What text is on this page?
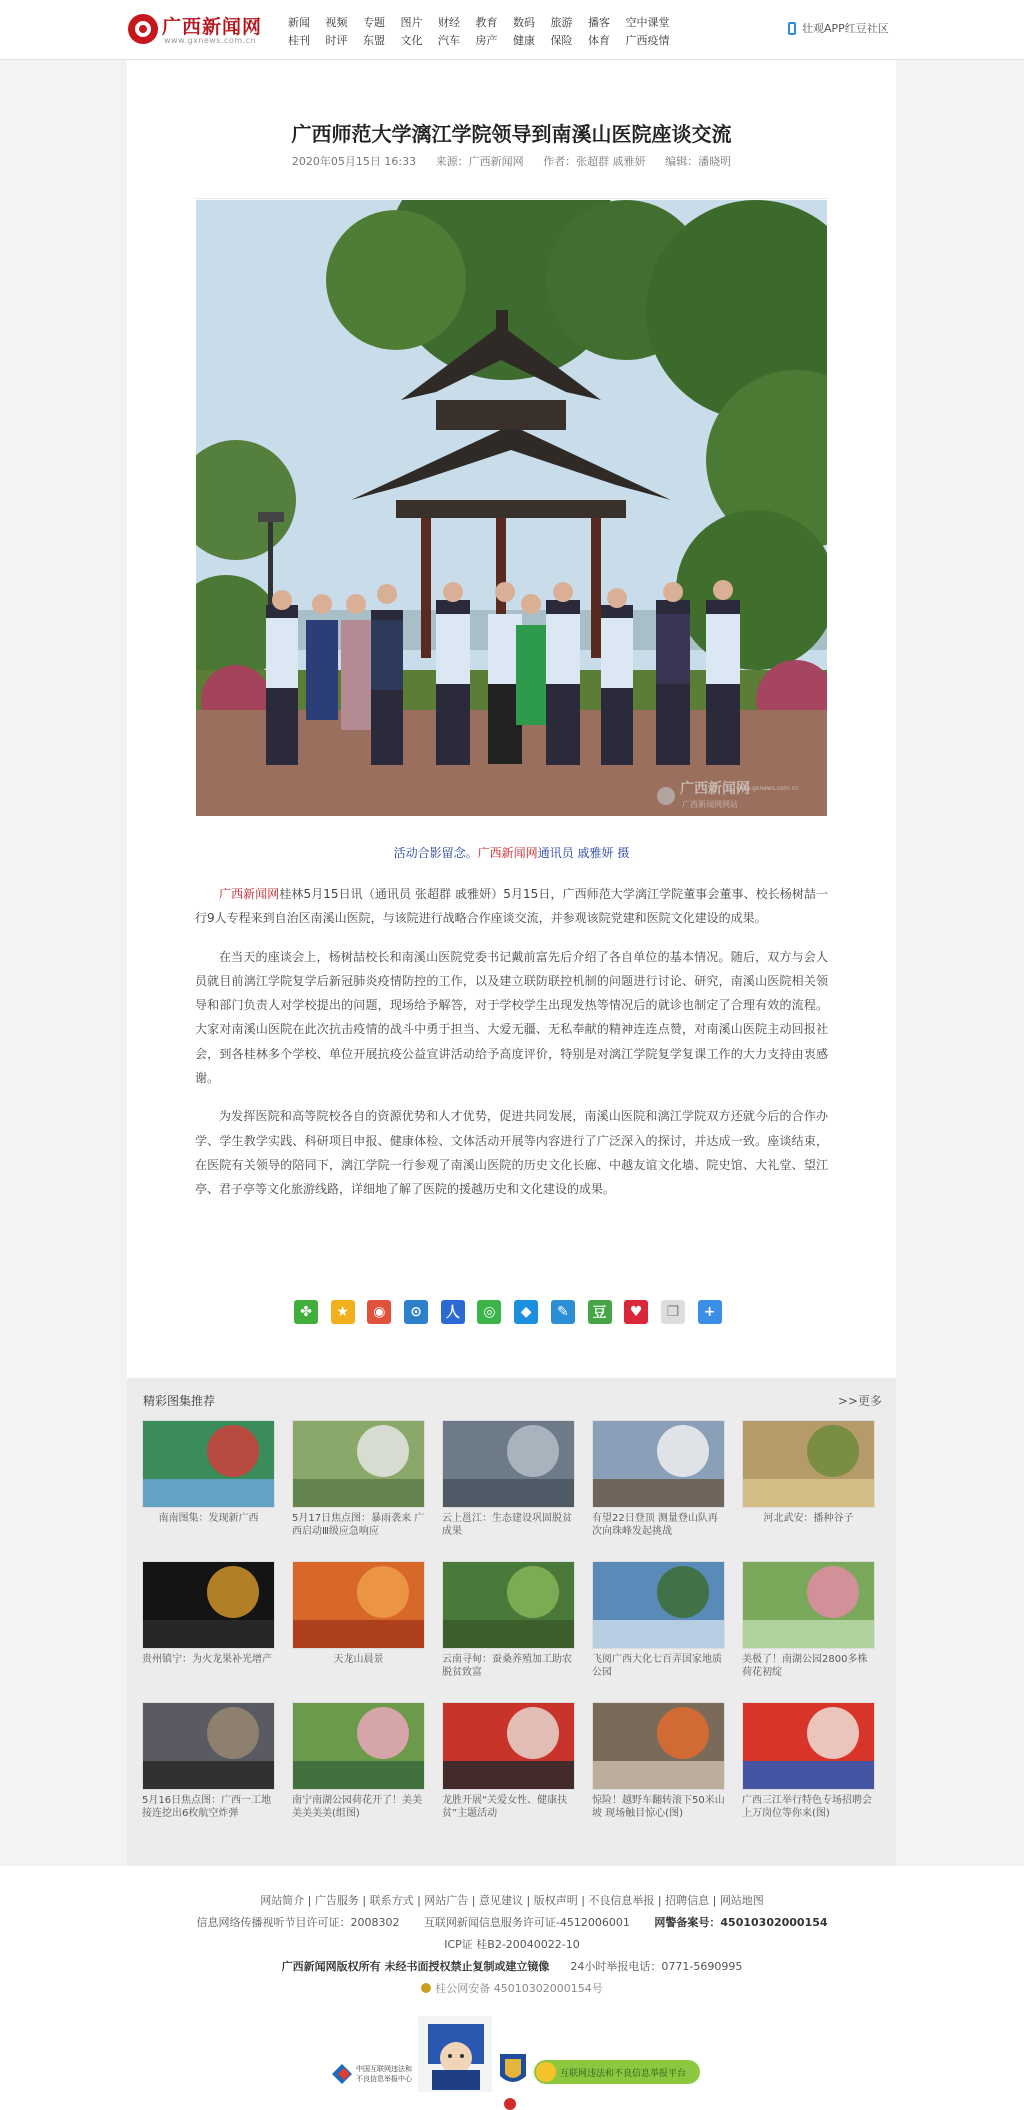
广西新闻网
www.gxnews.com.cn
新闻	视频	专题	图片	财经	教育	数码	旅游	播客	空中课堂
桂刊	时评	东盟	文化	汽车	房产	健康	保险	体育	广西疫情
壮观APP 红豆社区
广西师范大学漓江学院领导到南溪山医院座谈交流
2020年05月15日 16:33 来源：广西新闻网 作者：张超群 戚雅妍 编辑：潘晓明
广西新闻网
www.gxnews.com.cn
广西新闻网网站
活动合影留念。广西新闻网通讯员 戚雅妍 摄

广西新闻网桂林5月15日讯（通讯员 张超群 戚雅妍）5月15日，广西师范大学漓江学院董事会董事、校长杨树喆一行9人专程来到自治区南溪山医院，与该院进行战略合作座谈交流，并参观该院党建和医院文化建设的成果。

在当天的座谈会上，杨树喆校长和南溪山医院党委书记戴前富先后介绍了各自单位的基本情况。随后，双方与会人员就目前漓江学院复学后新冠肺炎疫情防控的工作，以及建立联防联控机制的问题进行讨论、研究，南溪山医院相关领导和部门负责人对学校提出的问题，现场给予解答，对于学校学生出现发热等情况后的就诊也制定了合理有效的流程。大家对南溪山医院在此次抗击疫情的战斗中勇于担当、大爱无疆、无私奉献的精神连连点赞，对南溪山医院主动回报社会，到各桂林多个学校、单位开展抗疫公益宣讲活动给予高度评价，特别是对漓江学院复学复课工作的大力支持由衷感谢。

为发挥医院和高等院校各自的资源优势和人才优势，促进共同发展，南溪山医院和漓江学院双方还就今后的合作办学、学生教学实践、科研项目申报、健康体检、文体活动开展等内容进行了广泛深入的探讨，并达成一致。座谈结束，在医院有关领导的陪同下，漓江学院一行参观了南溪山医院的历史文化长廊、中越友谊文化墙、院史馆、大礼堂、望江亭、君子亭等文化旅游线路，详细地了解了医院的援越历史和文化建设的成果。

✤	★	◉	⊙	人	◎	◆	✎	豆	♥	❐	+
精彩图集推荐	>>更多
南南图集：发现新广西	5月17日焦点图：暴雨袭来 广西启动Ⅲ级应急响应
云上邕江：生态建设巩固脱贫成果
有望22日登顶 测量登山队再次向珠峰发起挑战
河北武安：播种谷子
贵州镇宁：为火龙果补光增产	天龙山晨景	云南寻甸：蚕桑养殖加工助农脱贫致富
飞阅广西大化七百弄国家地质公园
美极了！南湖公园2800多株荷花初绽
5月16日焦点图：广西一工地接连挖出6枚航空炸弹
南宁南湖公园荷花开了！美美美美美美(组图)
龙胜开展“关爱女性、健康扶贫”主题活动
惊险！越野车翻转滚下50米山坡 现场触目惊心(图)
广西三江举行特色专场招聘会 上万岗位等你来(图)
网站简介 | 广告服务 | 联系方式 | 网站广告 | 意见建议 | 版权声明 | 不良信息举报 | 招聘信息 | 网站地图
信息网络传播视听节目许可证：2008302 互联网新闻信息服务许可证-4512006001 网警备案号：45010302000154
ICP证 桂B2-20040022-10
广西新闻网版权所有 未经书面授权禁止复制或建立镜像 24小时举报电话：0771-5690995
桂公网安备 45010302000154号
中国互联网违法和
不良信息举报中心	互联网违法和不良信息举报平台
